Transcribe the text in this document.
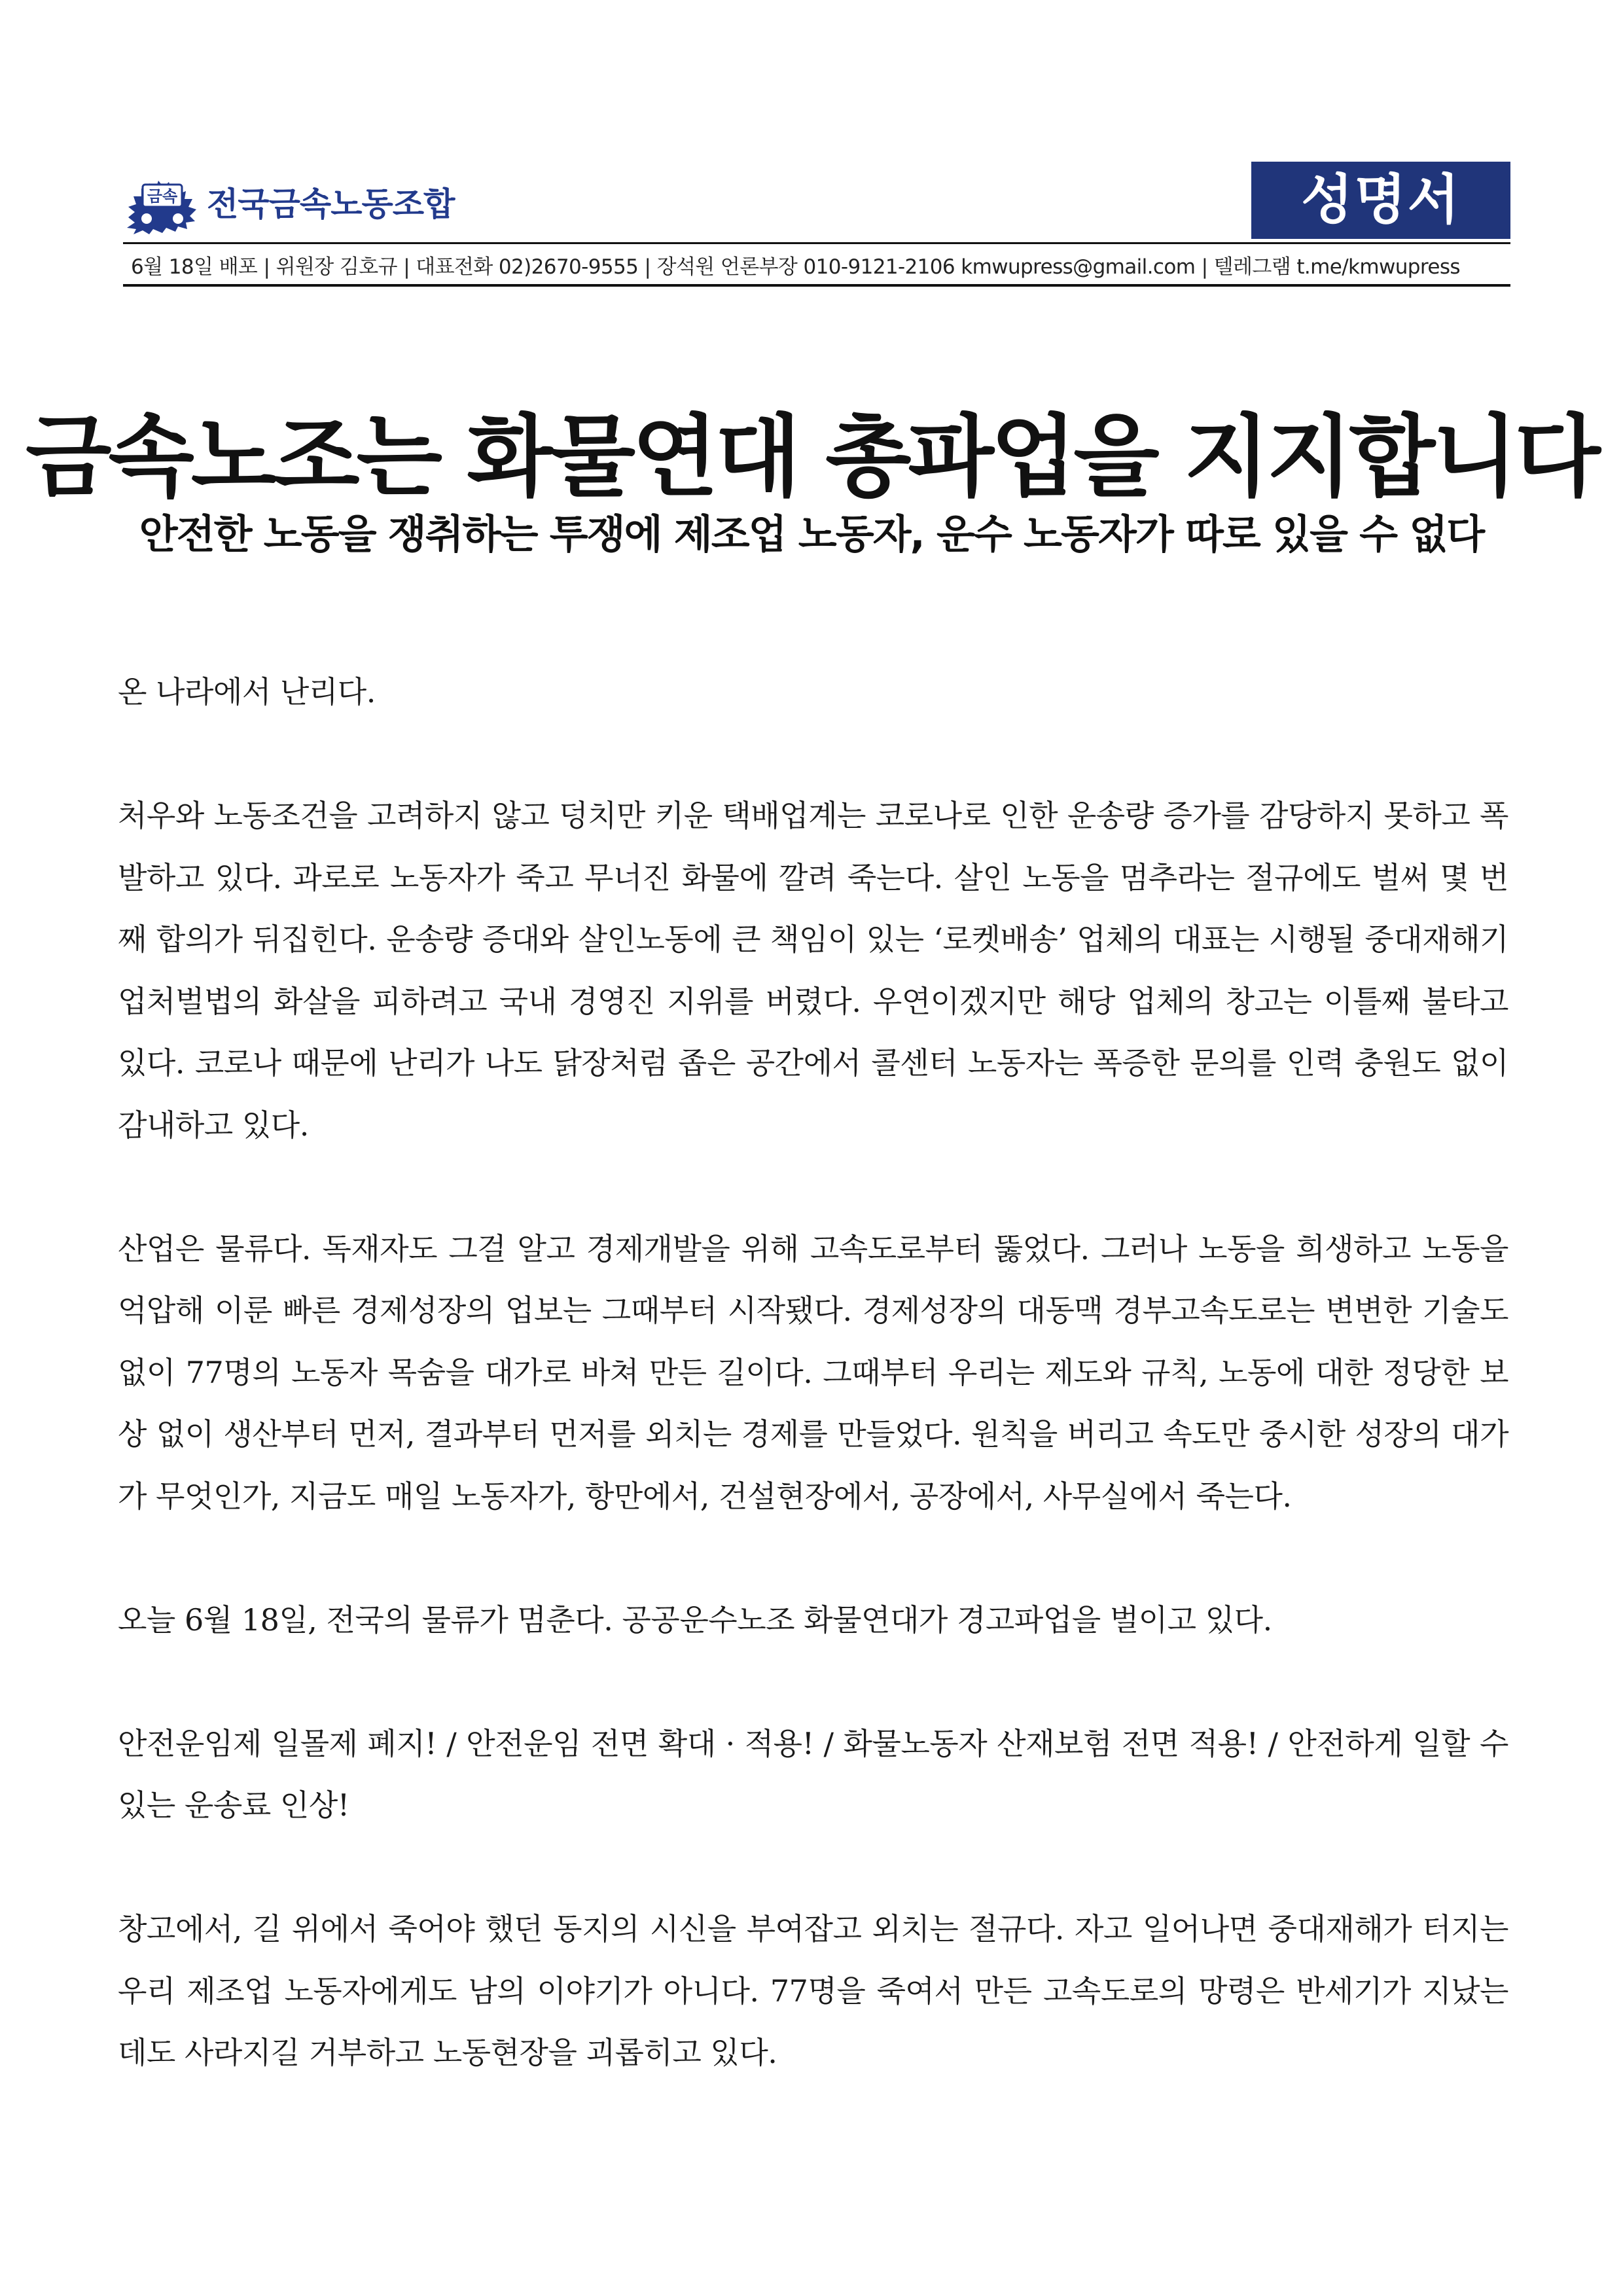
금속 전국금속노동조합	성명서
6월 18일 배포 | 위원장 김호규 | 대표전화 02)2670-9555 | 장석원 언론부장 010-9121-2106 kmwupress@gmail.com | 텔레그램 t.me/kmwupress
금속노조는 화물연대 총파업을 지지합니다
안전한 노동을 쟁취하는 투쟁에 제조업 노동자, 운수 노동자가 따로 있을 수 없다

온 나라에서 난리다.

처우와 노동조건을 고려하지 않고 덩치만 키운 택배업계는 코로나로 인한 운송량 증가를 감당하지 못하고 폭발하고 있다. 과로로 노동자가 죽고 무너진 화물에 깔려 죽는다. 살인 노동을 멈추라는 절규에도 벌써 몇 번째 합의가 뒤집힌다. 운송량 증대와 살인노동에 큰 책임이 있는 ‘로켓배송’ 업체의 대표는 시행될 중대재해기업처벌법의 화살을 피하려고 국내 경영진 지위를 버렸다. 우연이겠지만 해당 업체의 창고는 이틀째 불타고 있다. 코로나 때문에 난리가 나도 닭장처럼 좁은 공간에서 콜센터 노동자는 폭증한 문의를 인력 충원도 없이 감내하고 있다.

산업은 물류다. 독재자도 그걸 알고 경제개발을 위해 고속도로부터 뚫었다. 그러나 노동을 희생하고 노동을 억압해 이룬 빠른 경제성장의 업보는 그때부터 시작됐다. 경제성장의 대동맥 경부고속도로는 변변한 기술도 없이 77명의 노동자 목숨을 대가로 바쳐 만든 길이다. 그때부터 우리는 제도와 규칙, 노동에 대한 정당한 보상 없이 생산부터 먼저, 결과부터 먼저를 외치는 경제를 만들었다. 원칙을 버리고 속도만 중시한 성장의 대가가 무엇인가, 지금도 매일 노동자가, 항만에서, 건설현장에서, 공장에서, 사무실에서 죽는다.

오늘 6월 18일, 전국의 물류가 멈춘다. 공공운수노조 화물연대가 경고파업을 벌이고 있다.

안전운임제 일몰제 폐지! / 안전운임 전면 확대 · 적용! / 화물노동자 산재보험 전면 적용! / 안전하게 일할 수 있는 운송료 인상!

창고에서, 길 위에서 죽어야 했던 동지의 시신을 부여잡고 외치는 절규다. 자고 일어나면 중대재해가 터지는 우리 제조업 노동자에게도 남의 이야기가 아니다. 77명을 죽여서 만든 고속도로의 망령은 반세기가 지났는데도 사라지길 거부하고 노동현장을 괴롭히고 있다.
